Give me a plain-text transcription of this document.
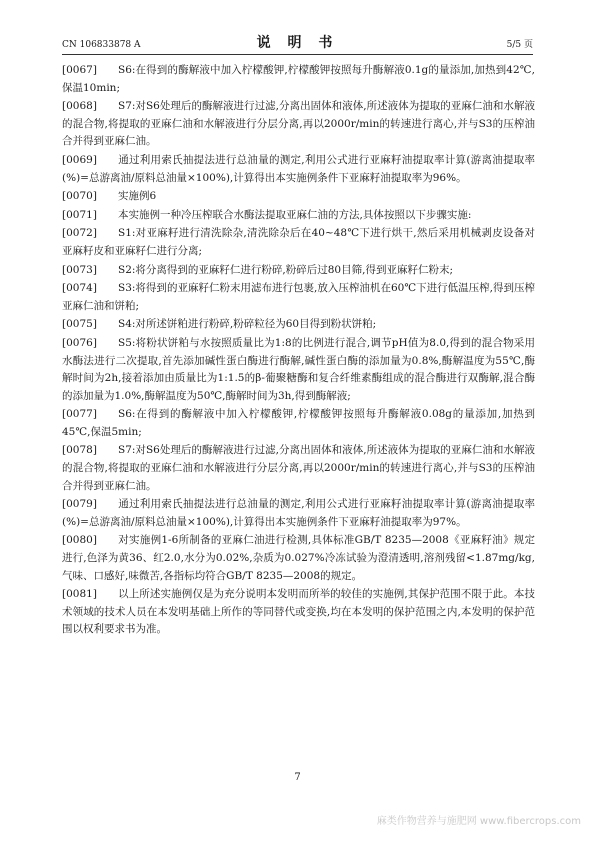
CN 106833878 A	说 明 书	5/5 页
[0067] S6:在得到的酶解液中加入柠檬酸钾,柠檬酸钾按照每升酶解液0.1g的量添加,加热到42℃,保温10min;
[0068] S7:对S6处理后的酶解液进行过滤,分离出固体和液体,所述液体为提取的亚麻仁油和水解液的混合物,将提取的亚麻仁油和水解液进行分层分离,再以2000r/min的转速进行离心,并与S3的压榨油合并得到亚麻仁油。
[0069] 通过利用索氏抽提法进行总油量的测定,利用公式进行亚麻籽油提取率计算(游离油提取率(%)=总游离油/原料总油量×100%),计算得出本实施例条件下亚麻籽油提取率为96%。
[0070] 实施例6
[0071] 本实施例一种冷压榨联合水酶法提取亚麻仁油的方法,具体按照以下步骤实施:
[0072] S1:对亚麻籽进行清洗除杂,清洗除杂后在40~48℃下进行烘干,然后采用机械剥皮设备对亚麻籽皮和亚麻籽仁进行分离;
[0073] S2:将分离得到的亚麻籽仁进行粉碎,粉碎后过80目筛,得到亚麻籽仁粉末;
[0074] S3:将得到的亚麻籽仁粉末用滤布进行包裹,放入压榨油机在60℃下进行低温压榨,得到压榨亚麻仁油和饼粕;
[0075] S4:对所述饼粕进行粉碎,粉碎粒径为60目得到粉状饼粕;
[0076] S5:将粉状饼粕与水按照质量比为1:8的比例进行混合,调节pH值为8.0,得到的混合物采用水酶法进行二次提取,首先添加碱性蛋白酶进行酶解,碱性蛋白酶的添加量为0.8%,酶解温度为55℃,酶解时间为2h,接着添加由质量比为1:1.5的β-葡聚糖酶和复合纤维素酶组成的混合酶进行双酶解,混合酶的添加量为1.0%,酶解温度为50℃,酶解时间为3h,得到酶解液;
[0077] S6:在得到的酶解液中加入柠檬酸钾,柠檬酸钾按照每升酶解液0.08g的量添加,加热到45℃,保温5min;
[0078] S7:对S6处理后的酶解液进行过滤,分离出固体和液体,所述液体为提取的亚麻仁油和水解液的混合物,将提取的亚麻仁油和水解液进行分层分离,再以2000r/min的转速进行离心,并与S3的压榨油合并得到亚麻仁油。
[0079] 通过利用索氏抽提法进行总油量的测定,利用公式进行亚麻籽油提取率计算(游离油提取率(%)=总游离油/原料总油量×100%),计算得出本实施例条件下亚麻籽油提取率为97%。
[0080] 对实施例1-6所制备的亚麻仁油进行检测,具体标准GB/T 8235—2008《亚麻籽油》规定进行,色泽为黄36、红2.0,水分为0.02%,杂质为0.027%冷冻试验为澄清透明,溶剂残留<1.87mg/kg,气味、口感好,味微苦,各指标均符合GB/T 8235—2008的规定。
[0081] 以上所述实施例仅是为充分说明本发明而所举的较佳的实施例,其保护范围不限于此。本技术领域的技术人员在本发明基础上所作的等同替代或变换,均在本发明的保护范围之内,本发明的保护范围以权利要求书为准。
7
麻类作物营养与施肥网 www.fibercrops.com
